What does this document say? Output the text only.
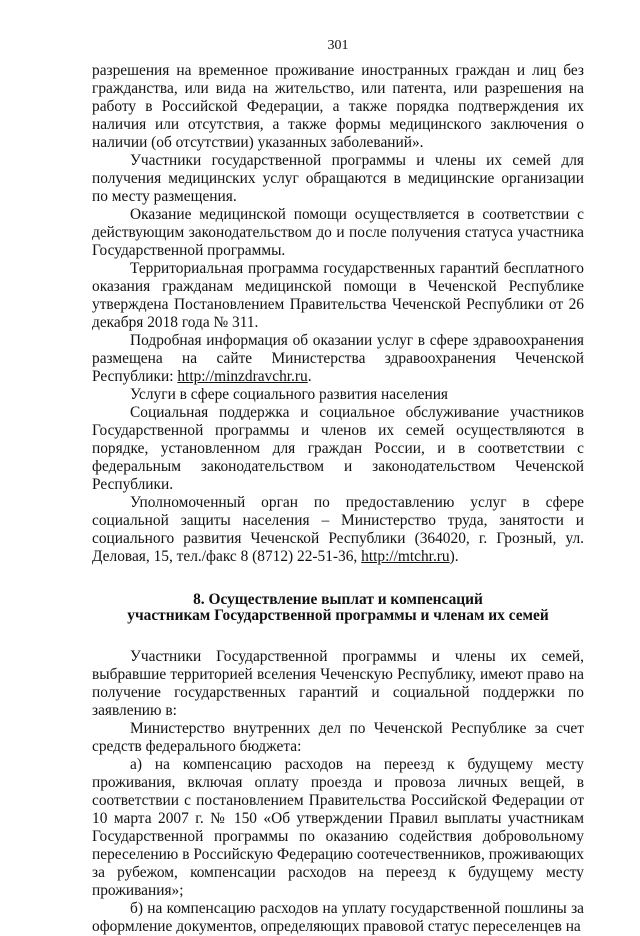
301

разрешения на временное проживание иностранных граждан и лиц без гражданства, или вида на жительство, или патента, или разрешения на работу в Российской Федерации, а также порядка подтверждения их наличия или отсутствия, а также формы медицинского заключения о наличии (об отсутствии) указанных заболеваний».

Участники государственной программы и члены их семей для получения медицинских услуг обращаются в медицинские организации по месту размещения.

Оказание медицинской помощи осуществляется в соответствии с действующим законодательством до и после получения статуса участника Государственной программы.

Территориальная программа государственных гарантий бесплатного оказания гражданам медицинской помощи в Чеченской Республике утверждена Постановлением Правительства Чеченской Республики от 26 декабря 2018 года № 311.

Подробная информация об оказании услуг в сфере здравоохранения размещена на сайте Министерства здравоохранения Чеченской Республики: http://minzdravchr.ru.

Услуги в сфере социального развития населения

Социальная поддержка и социальное обслуживание участников Государственной программы и членов их семей осуществляются в порядке, установленном для граждан России, и в соответствии с федеральным законодательством и законодательством Чеченской Республики.

Уполномоченный орган по предоставлению услуг в сфере социальной защиты населения – Министерство труда, занятости и социального развития Чеченской Республики (364020, г. Грозный, ул. Деловая, 15, тел./факс 8 (8712) 22-51-36, http://mtchr.ru).

8. Осуществление выплат и компенсаций
участникам Государственной программы и членам их семей

Участники Государственной программы и члены их семей, выбравшие территорией вселения Чеченскую Республику, имеют право на получение государственных гарантий и социальной поддержки по заявлению в:

Министерство внутренних дел по Чеченской Республике за счет средств федерального бюджета:

а) на компенсацию расходов на переезд к будущему месту проживания, включая оплату проезда и провоза личных вещей, в соответствии с постановлением Правительства Российской Федерации от 10 марта 2007 г. № 150 «Об утверждении Правил выплаты участникам Государственной программы по оказанию содействия добровольному переселению в Российскую Федерацию соотечественников, проживающих за рубежом, компенсации расходов на переезд к будущему месту проживания»;

б) на компенсацию расходов на уплату государственной пошлины за оформление документов, определяющих правовой статус переселенцев на
